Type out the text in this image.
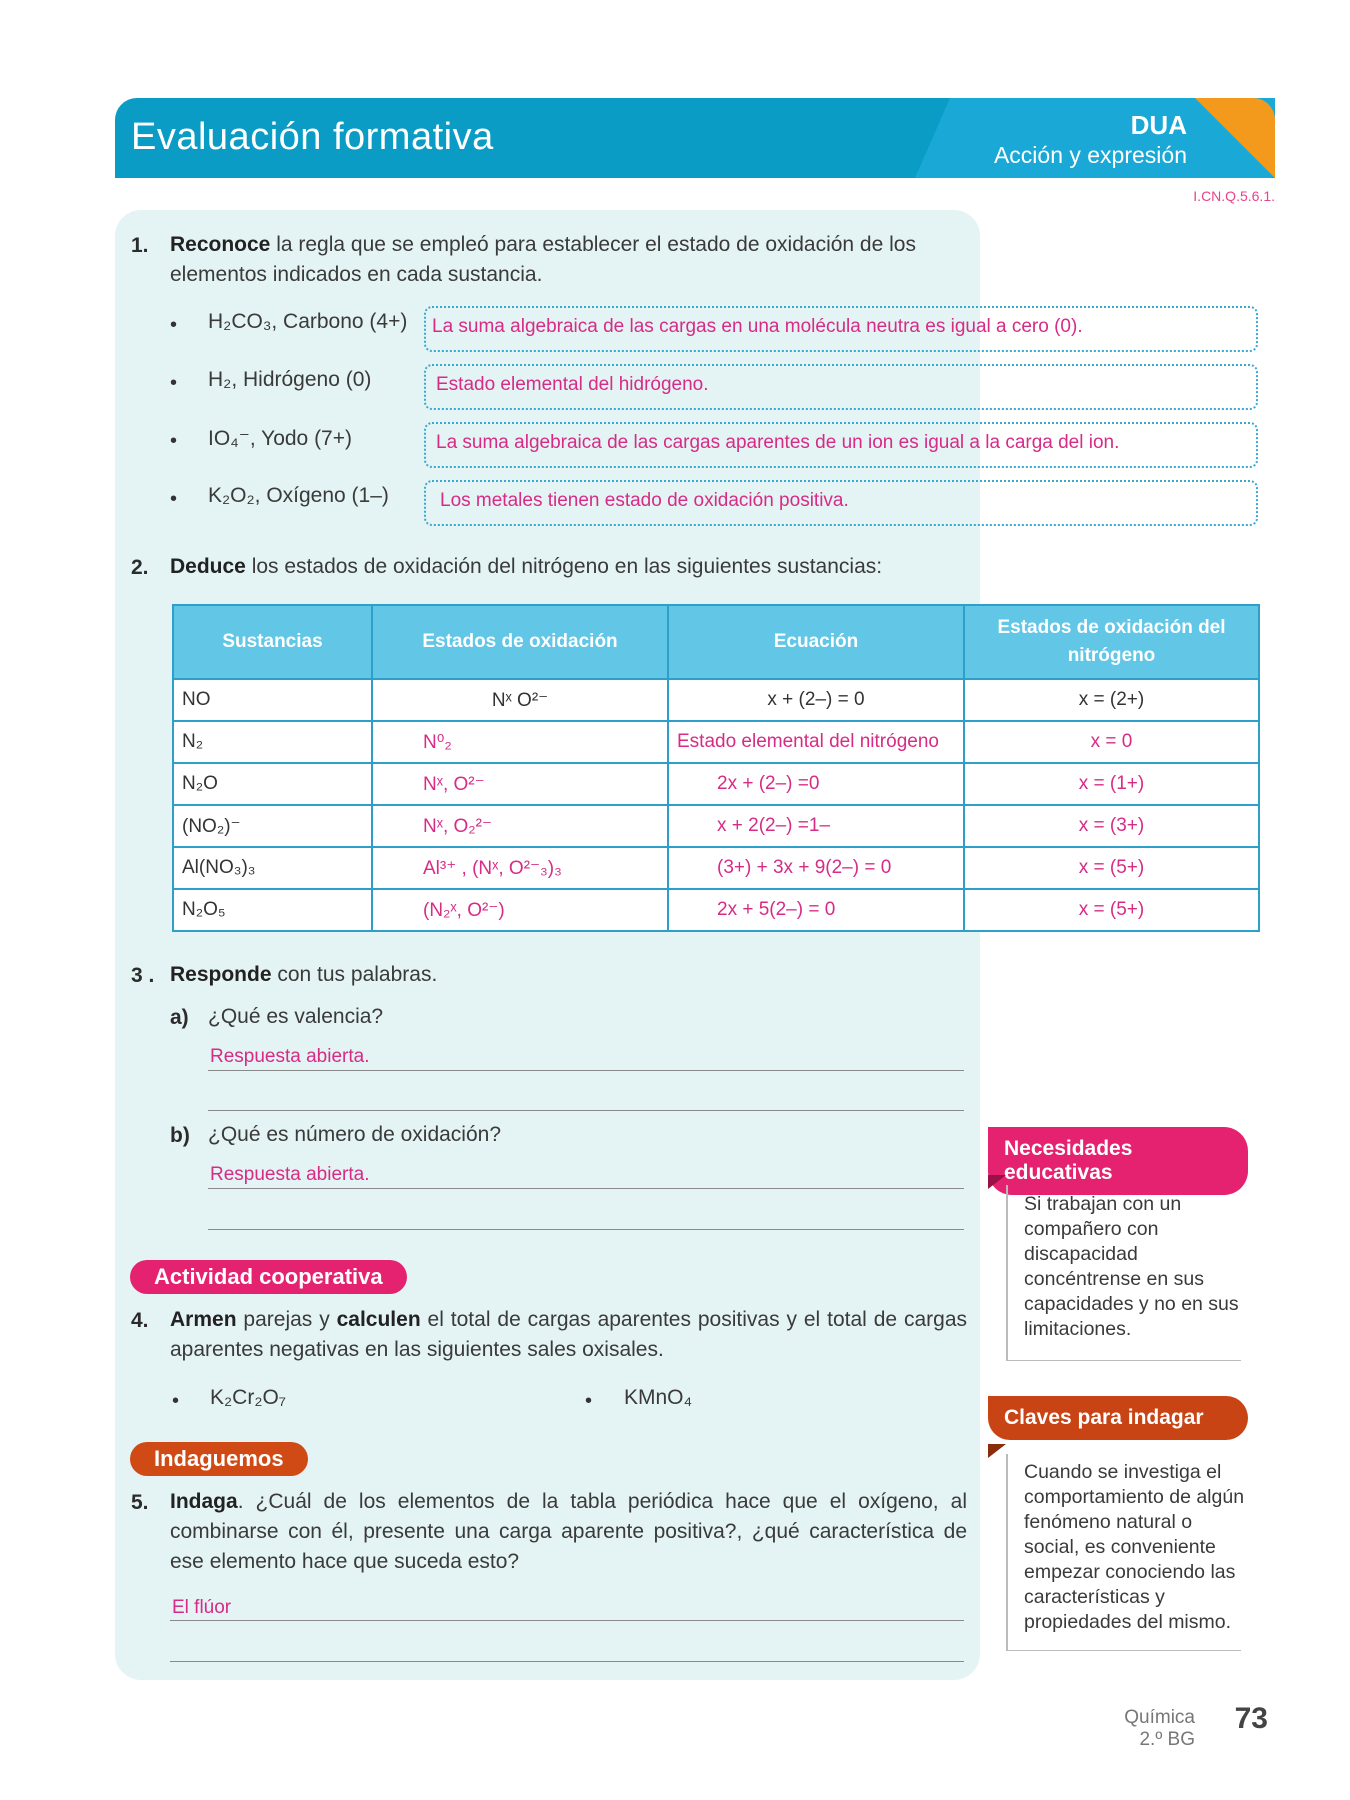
Evaluación formativa	DUA
Acción y expresión
I.CN.Q.5.6.1.
1. Reconoce la regla que se empleó para establecer el estado de oxidación de los elementos indicados en cada sustancia.
• H₂CO₃, Carbono (4+) La suma algebraica de las cargas en una molécula neutra es igual a cero (0).
• H₂, Hidrógeno (0)	Estado elemental del hidrógeno.
• IO₄⁻, Yodo (7+)	La suma algebraica de las cargas aparentes de un ion es igual a la carga del ion.
• K₂O₂, Oxígeno (1–)	Los metales tienen estado de oxidación positiva.
2. Deduce los estados de oxidación del nitrógeno en las siguientes sustancias:
Sustancias	Estados de oxidación	Ecuación	Estados de oxidación del nitrógeno
NO	Nˣ O²⁻	x + (2–) = 0	x = (2+)
N₂	N⁰₂	Estado elemental del nitrógeno	x = 0
N₂O	Nˣ, O²⁻	2x + (2–) =0	x = (1+)
(NO₂)⁻	Nˣ, O₂²⁻	x + 2(2–) =1–	x = (3+)
Al(NO₃)₃	Al³⁺ , (Nˣ, O²⁻₃)₃	(3+) + 3x + 9(2–) = 0	x = (5+)
N₂O₅	(N₂ˣ, O²⁻)	2x + 5(2–) = 0	x = (5+)
3 . Responde con tus palabras.
a) ¿Qué es valencia?
Respuesta abierta.
b) ¿Qué es número de oxidación?
Respuesta abierta.
Actividad cooperativa
4. Armen parejas y calculen el total de cargas aparentes positivas y el total de cargas aparentes negativas en las siguientes sales oxisales.
• K₂Cr₂O₇	• KMnO₄
Indaguemos
5. Indaga. ¿Cuál de los elementos de la tabla periódica hace que el oxígeno, al combinarse con él, presente una carga aparente positiva?, ¿qué característica de ese elemento hace que suceda esto?
El flúor
Necesidades educativas
Si trabajan con un compañero con discapacidad concéntrense en sus capacidades y no en sus limitaciones.
Claves para indagar
Cuando se investiga el comportamiento de algún fenómeno natural o social, es conveniente empezar conociendo las características y propiedades del mismo.
Química
2.º BG
73
